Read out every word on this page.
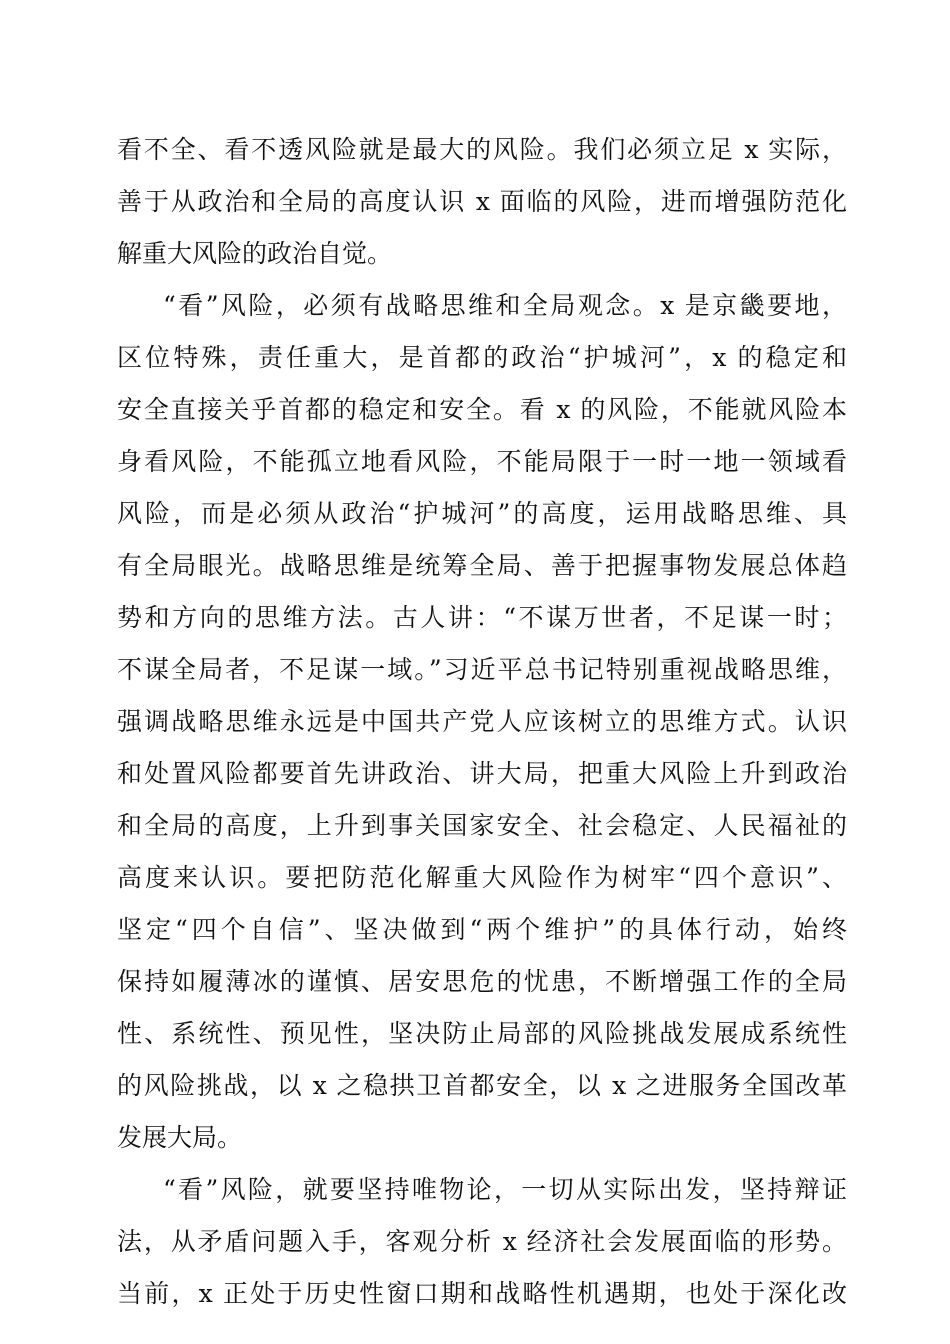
看不全、看不透风险就是最大的风险。我们必须立足 x 实际，
善于从政治和全局的高度认识 x 面临的风险，进而增强防范化
解重大风险的政治自觉。
“看”风险，必须有战略思维和全局观念。x 是京畿要地，
区位特殊，责任重大，是首都的政治“护城河”，x 的稳定和
安全直接关乎首都的稳定和安全。看 x 的风险，不能就风险本
身看风险，不能孤立地看风险，不能局限于一时一地一领域看
风险，而是必须从政治“护城河”的高度，运用战略思维、具
有全局眼光。战略思维是统筹全局、善于把握事物发展总体趋
势和方向的思维方法。古人讲：“不谋万世者，不足谋一时；
不谋全局者，不足谋一域。”习近平总书记特别重视战略思维，
强调战略思维永远是中国共产党人应该树立的思维方式。认识
和处置风险都要首先讲政治、讲大局，把重大风险上升到政治
和全局的高度，上升到事关国家安全、社会稳定、人民福祉的
高度来认识。要把防范化解重大风险作为树牢“四个意识”、
坚定“四个自信”、坚决做到“两个维护”的具体行动，始终
保持如履薄冰的谨慎、居安思危的忧患，不断增强工作的全局
性、系统性、预见性，坚决防止局部的风险挑战发展成系统性
的风险挑战，以 x 之稳拱卫首都安全，以 x 之进服务全国改革
发展大局。
“看”风险，就要坚持唯物论，一切从实际出发，坚持辩证
法，从矛盾问题入手，客观分析 x 经济社会发展面临的形势。
当前，x 正处于历史性窗口期和战略性机遇期，也处于深化改
